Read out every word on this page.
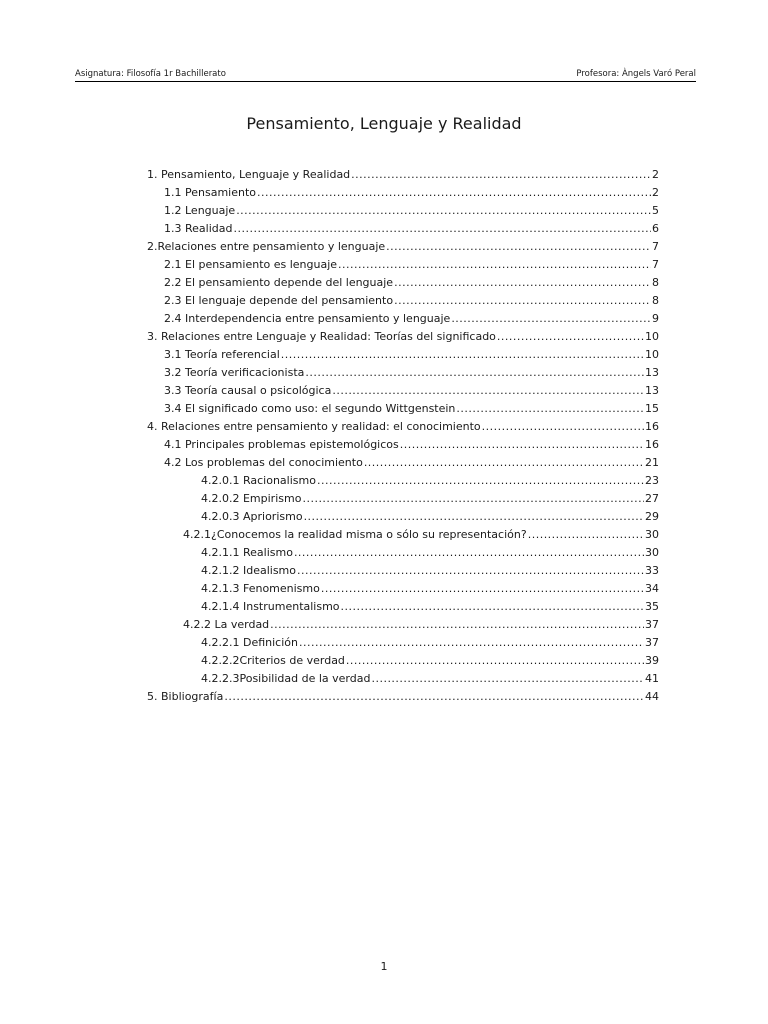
Asignatura: Filosofía 1r Bachillerato	Profesora: Àngels Varó Peral
Pensamiento, Lenguaje y Realidad
1. Pensamiento, Lenguaje y Realidad .....	2
1.1 Pensamiento .....	2
1.2 Lenguaje .....	5
1.3 Realidad .....	6
2.Relaciones entre pensamiento y lenguaje .....	7
2.1 El pensamiento es lenguaje .....	7
2.2 El pensamiento depende del lenguaje .....	8
2.3 El lenguaje depende del pensamiento .....	8
2.4 Interdependencia entre pensamiento y lenguaje .....	9
3. Relaciones entre Lenguaje y Realidad: Teorías del significado .....	10
3.1 Teoría referencial .....	10
3.2 Teoría verificacionista .....	13
3.3 Teoría causal o psicológica .....	13
3.4 El significado como uso: el segundo Wittgenstein .....	15
4. Relaciones entre pensamiento y realidad: el conocimiento .....	16
4.1 Principales problemas epistemológicos .....	16
4.2 Los problemas del conocimiento .....	21
4.2.0.1 Racionalismo .....	23
4.2.0.2 Empirismo .....	27
4.2.0.3 Apriorismo .....	29
4.2.1¿Conocemos la realidad misma o sólo su representación? .....	30
4.2.1.1 Realismo .....	30
4.2.1.2 Idealismo .....	33
4.2.1.3 Fenomenismo .....	34
4.2.1.4 Instrumentalismo .....	35
4.2.2 La verdad .....	37
4.2.2.1 Definición .....	37
4.2.2.2Criterios de verdad .....	39
4.2.2.3Posibilidad de la verdad .....	41
5. Bibliografía .....	44
1
